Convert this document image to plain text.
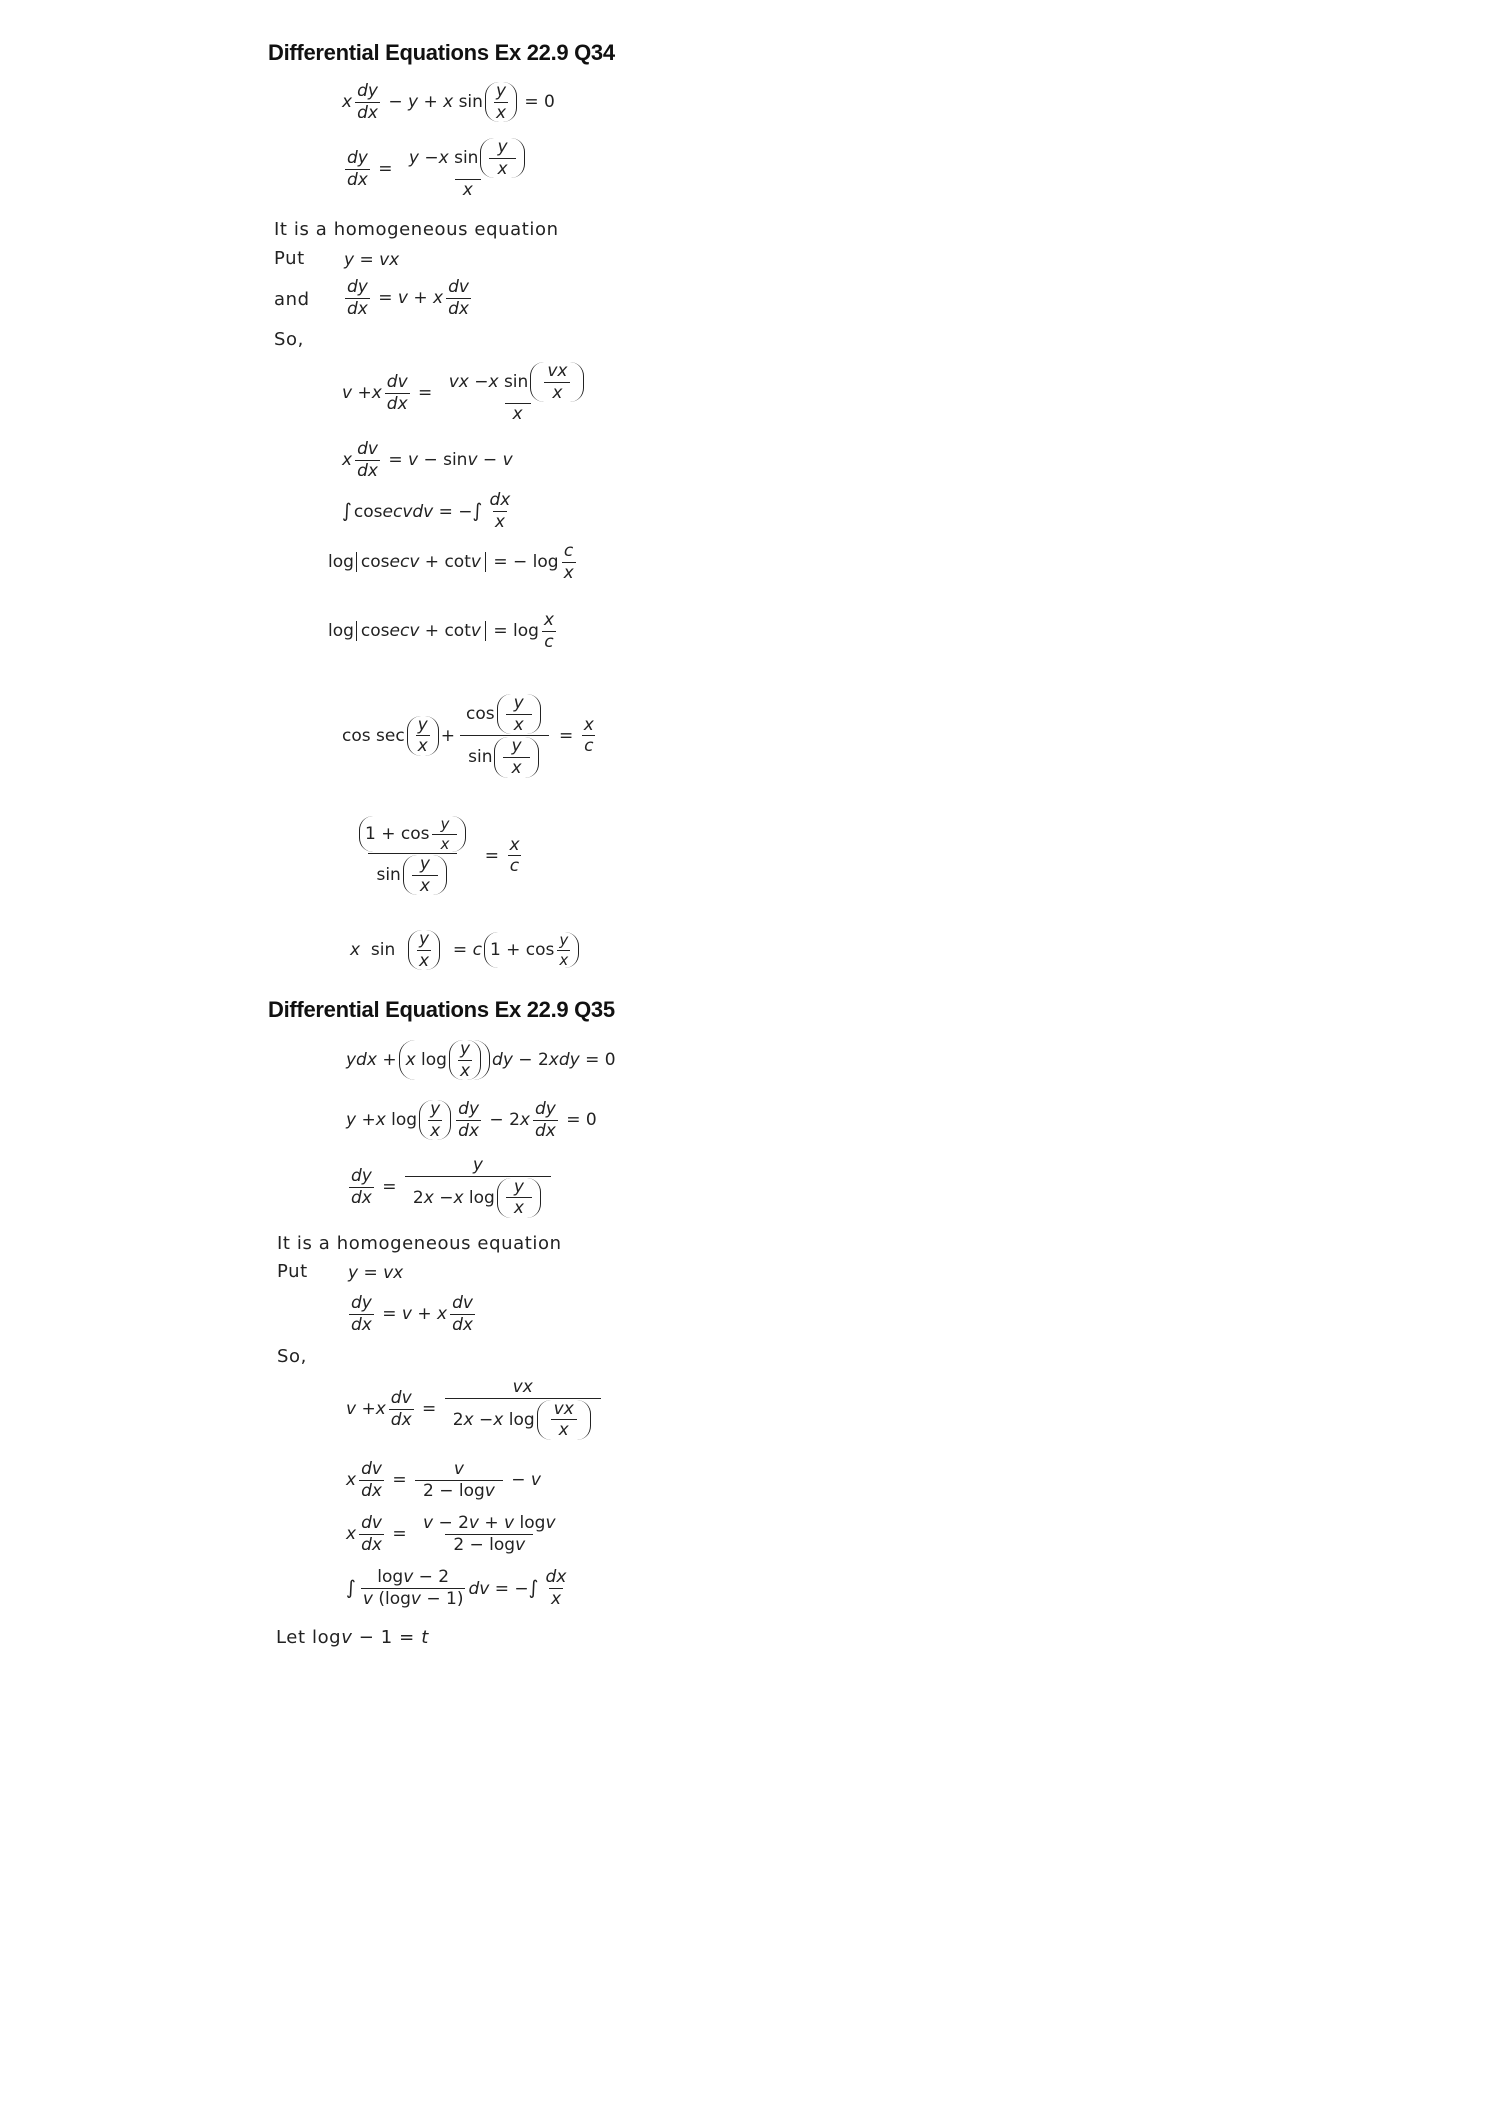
Differential Equations Ex 22.9 Q34
x $\frac{dy}{dx} - y + x$ $\sin \frac{y}{x} = 0$
$\frac{dy}{dx} = \frac{y - x \sin \frac{y}{x}}{x}$
It is a homogeneous equation
Put y = vx
and $\frac{dy}{dx} = v + x \frac{dv}{dx}$
So,
v + x $\frac{dv}{dx} = \frac{vx - x \sin \frac{vx}{x}}{x}$
x $\frac{dv}{dx} = v - \sin v - v$
∫ cosecvdv = −∫ $\frac{dx}{x}$
log cosecv + cotv = − $\log \frac{c}{x}$
$\log cosecv + \cot v = \log \frac{x}{c}$
$\cos \sec \frac{y}{x} + \frac{\cos \frac{y}{x}}{\sin \frac{y}{x}} = \frac{x}{c}$
$\frac{1 + \cos \frac{y}{x}}{\sin \frac{y}{x}} = \frac{x}{c}$
x $\sin \frac{y}{x} = c$ $1 + \cos \frac{y}{x}$
Differential Equations Ex 22.9 Q35
ydx + x $\log \frac{y}{x}$ dy − 2xdy = 0
y + x $\log \frac{y}{x} \frac{dy}{dx} - 2x \frac{dy}{dx} = 0$
$\frac{dy}{dx} = \frac{y}{2 x - x \log \frac{y}{x}}$
It is a homogeneous equation
Put y = vx
$\frac{dy}{dx} = v + x \frac{dv}{dx}$
So,
v + x $\frac{dv}{dx} = \frac{vx}{2 x - x \log \frac{vx}{x}}$
x $\frac{dv}{dx} = \frac{v}{2 - \log v} - v$
x $\frac{dv}{dx} = \frac{\text{v − 2v + v logv}}{2 - \log v}$
∫ $\frac{\log v - 2}{v (\log v - 1)}$ dv = −∫ $\frac{dx}{x}$
Let logv − 1 = t
